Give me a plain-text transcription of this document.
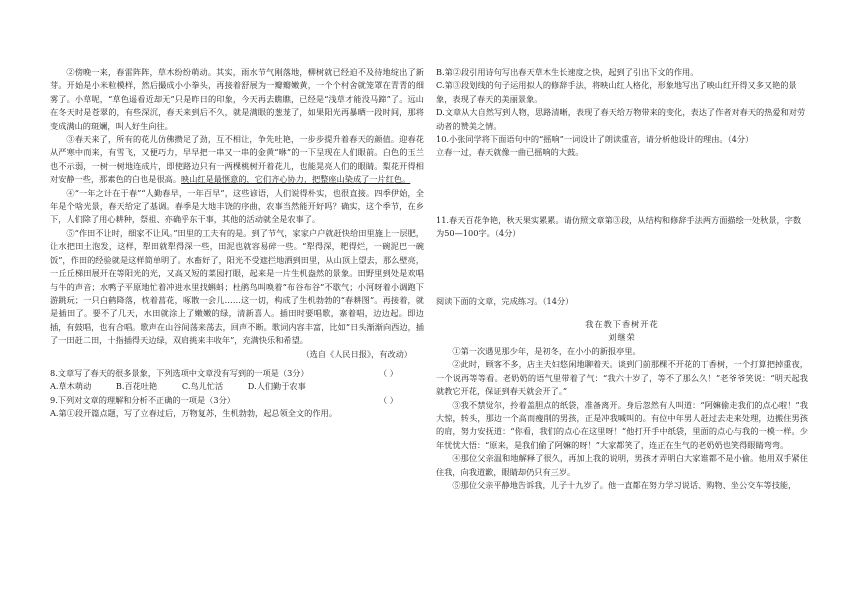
②傍晚一来，春雷阵阵，草木纷纷萌动。其实，雨水节气刚落地，柳树就已经迫不及待地绽出了新芽。开始是小米粒模样，然后撮成小小拳头，再接着舒展为一瓣瓣嫩黄，一个个村舍就笼罩在青青的细雾了。小草呢，“草色遥看近却无”只是昨日的印象，今天再去瞧瞧，已经是“浅草才能没马蹄”了。远山在冬天时是苍翠的，有些深沉，春天来到后不久，就是满眼的葱茏了，如果阳光再暴晒一段时间，那将变成满山的斑斓，叫人好生向往。

③春天来了，所有的花儿仿佛攒足了劲，互不相让，争先吐艳，一步步提升着春天的颜值。迎春花从严寒中而来，有雪飞，又便巧力，早早把一串又一串的金黄“咻”的一下呈现在人们眼前。白色的玉兰也不示弱，一树一树地连成片，即使路边只有一两棵桃树开着花儿，也能晃亮人们的眼睛。梨花开得相对安静一些，那素色的白也是很高。映山红是最惬意的，它们齐心协力，把整座山染成了一片红色。

④“一年之计在于春”“人勤春早，一年百早”，这些谚语，人们说得朴实，也很直接。四季伊始，全年是个啥光景，春天给定了基调。春季是大地丰饶的序曲，农事当然能开好吗？确实，这个季节，在乡下，人们除了用心耕种，祭祖、亦确乎东干事，其他的活动就全是农事了。

⑤“作田不让时，细家不让风。”田里的工夫有的是。到了节气，家家户户就赶快给田里施上一层肥，让水把田土泡发，这样，犁田就犁得深一些，田泥也就容易碎一些。“犁得深，耙得烂，一碗泥巴一碗饭”，作田的经验就是这样简单明了。水畜好了，阳光不受遮拦地洒到田里，从山顶上望去，那么壁亮，一丘丘梯田展开在等阳光的光，又高又短的菜园打眼，起来是一片生机盎然的景象。田野里到处是欢唱与牛的声音；水鸭子平原地忙着冲进水里找蝌蚪；杜鹃鸟叫唤着“布谷布谷”不歇气；小河呀着小调跑下游跳玩；一只白鹤降落，枕着菖花，啄散一会儿……这一切，构成了生机勃勃的“春耕图”。再接着，就是插田了。要不了几天，水田就涂上了嫩嫩的绿，清新喜人。插田时要唱歌，寨着唱，边边起。即边插，有鼓唱，也有合唱。歌声在山谷间荡来荡去，回声不断。歌词内容丰富，比如“日头渐渐向西边，插了一田赶二田，十指插得天边绿，双肩挑来丰收年”，充满快乐和希望。

（选自《人民日报》，有改动）

8.文章写了春天的很多景象，下列选项中文章没有写到的一项是（3分）	（ ）

A.草木萌动	B.百花吐艳	C.鸟儿忙活	D.人们勤于农事

9.下列对文章的理解和分析不正确的一项是（3分）	（ ）

A.第①段开篇点题，写了立春过后，万物复苏，生机勃勃，起总领全文的作用。

B.第②段引用诗句写出春天草木生长速度之快，起到了引出下文的作用。

C.第③段划线的句子运用拟人的修辞手法，将映山红人格化，形象地写出了映山红开得又多又艳的景象，表现了春天的美丽景象。

D.文章从大自然写到人物，思路清晰，表现了春天给万物带来的变化，表达了作者对春天的热爱和对劳动者的赞美之情。

10.小张同学将下面语句中的“摇响”一词设计了朗读重音，请分析他设计的理由。（4分）

立春一过，春天就像一曲已摇响的大鼓。

11.春天百花争艳，秋天果实累累。请仿照文章第③段，从结构和修辞手法两方面描绘一处秋景，字数为50—100字。（4分）

阅读下面的文章，完成练习。（14分）

我在教下香树开花

刘继荣

①第一次遇见那少年，是初冬，在小小的新报亭里。

②此时，顾客不多，店主夫妇悠闲地聊着天。谈到门前那棵不开花的丁香树，一个打算把掉重夜，一个说再等等看。老奶奶的语气里带着了气：“我六十岁了，等不了那么久！”老爷爷笑说：“明天起我就教它开花，保证到春天就会开了。”

③我不禁觉尔，拎着盖胆点的纸袋，准备离开。身后忽然有人叫道：“阿嫲偷走我们的点心啦！”我大惊，转头，那边一个高而瘦削的男孩，正是冲我喊叫的。有位中年男人赶过去走来处理，边搬住男孩的肩，努力安抚道：“你看，我们的点心在这里呀！”他打开手中纸袋，里面的点心与我的一模一样。少年忧忧大悟：“原来，是我们偷了阿嫲的呀！”大家都笑了，连正在生气的老奶奶也笑得眼睛弯弯。

④那位父亲温和地解释了很久，再加上我的说明，男孩才弄明白大家谁都不是小偷。他用双手紧住住我，向我道歉，眼睛却仍只有三岁。

⑤那位父亲平静地告诉我，儿子十九岁了。他一直都在努力学习说话、购物、坐公交车等技能，
